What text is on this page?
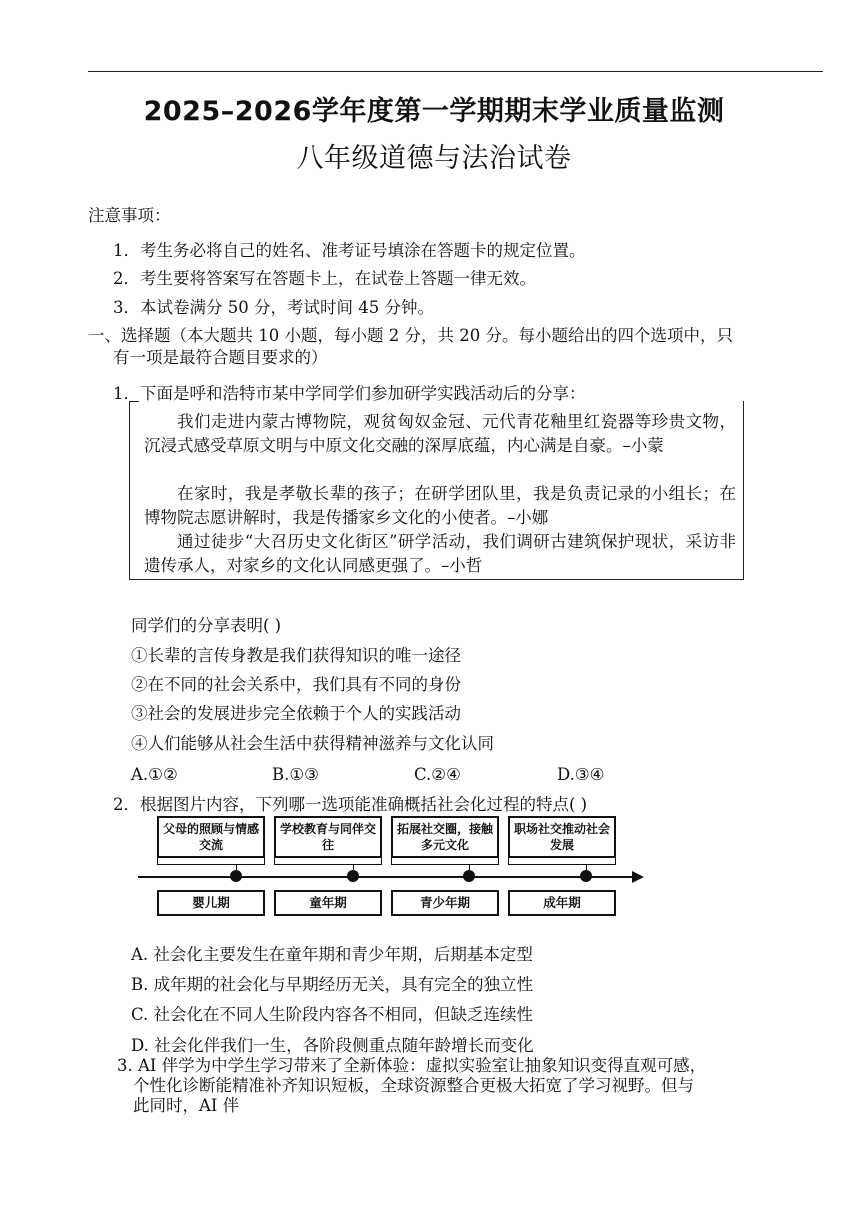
2025–2026学年度第一学期期末学业质量监测
八年级道德与法治试卷
注意事项：
1．考生务必将自己的姓名、准考证号填涂在答题卡的规定位置。
2．考生要将答案写在答题卡上，在试卷上答题一律无效。
3．本试卷满分 50 分，考试时间 45 分钟。
一、选择题（本大题共 10 小题，每小题 2 分，共 20 分。每小题给出的四个选项中，只
有一项是最符合题目要求的）
1．下面是呼和浩特市某中学同学们参加研学实践活动后的分享：
我们走进内蒙古博物院，观贫匈奴金冠、元代青花釉里红瓷器等珍贵文物，沉浸式感受草原文明与中原文化交融的深厚底蕴，内心满是自豪。–小蒙
在家时，我是孝敬长辈的孩子；在研学团队里，我是负责记录的小组长；在博物院志愿讲解时，我是传播家乡文化的小使者。–小娜
通过徒步“大召历史文化街区”研学活动，我们调研古建筑保护现状，采访非遗传承人，对家乡的文化认同感更强了。–小哲
同学们的分享表明( )
①长辈的言传身教是我们获得知识的唯一途径
②在不同的社会关系中，我们具有不同的身份
③社会的发展进步完全依赖于个人的实践活动
④人们能够从社会生活中获得精神滋养与文化认同
A.①②	B.①③	C.②④	D.③④
2．根据图片内容，下列哪一选项能准确概括社会化过程的特点( )
父母的照顾与情感交流
学校教育与同伴交往
拓展社交圈，接触多元文化
职场社交推动社会发展
婴儿期	童年期	青少年期	成年期
A. 社会化主要发生在童年期和青少年期，后期基本定型
B. 成年期的社会化与早期经历无关，具有完全的独立性
C. 社会化在不同人生阶段内容各不相同，但缺乏连续性
D. 社会化伴我们一生，各阶段侧重点随年龄增长而变化
3. AI 伴学为中学生学习带来了全新体验：虚拟实验室让抽象知识变得直观可感，
个性化诊断能精准补齐知识短板，全球资源整合更极大拓宽了学习视野。但与
此同时，AI 伴
